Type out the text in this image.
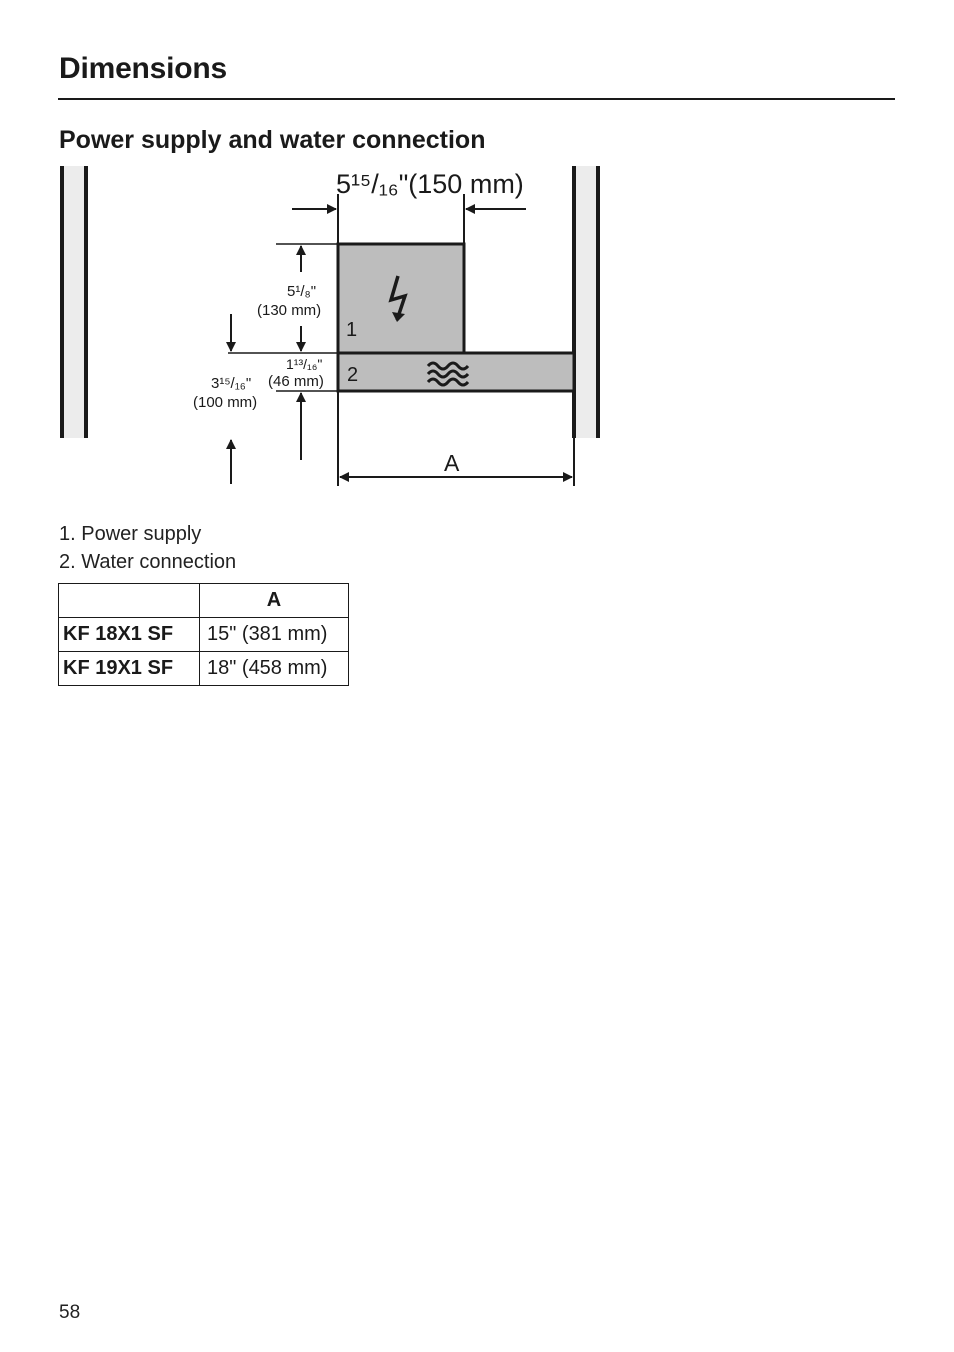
Dimensions
Power supply and water connection
1
2
5¹⁵/₁₆"(150 mm)
5¹/₈"
(130 mm)
1¹³/₁₆"
(46 mm)
3¹⁵/₁₆"
(100 mm)
A
1. Power supply
2. Water connection
	A
KF 18X1 SF	15" (381 mm)
KF 19X1 SF	18" (458 mm)
58
